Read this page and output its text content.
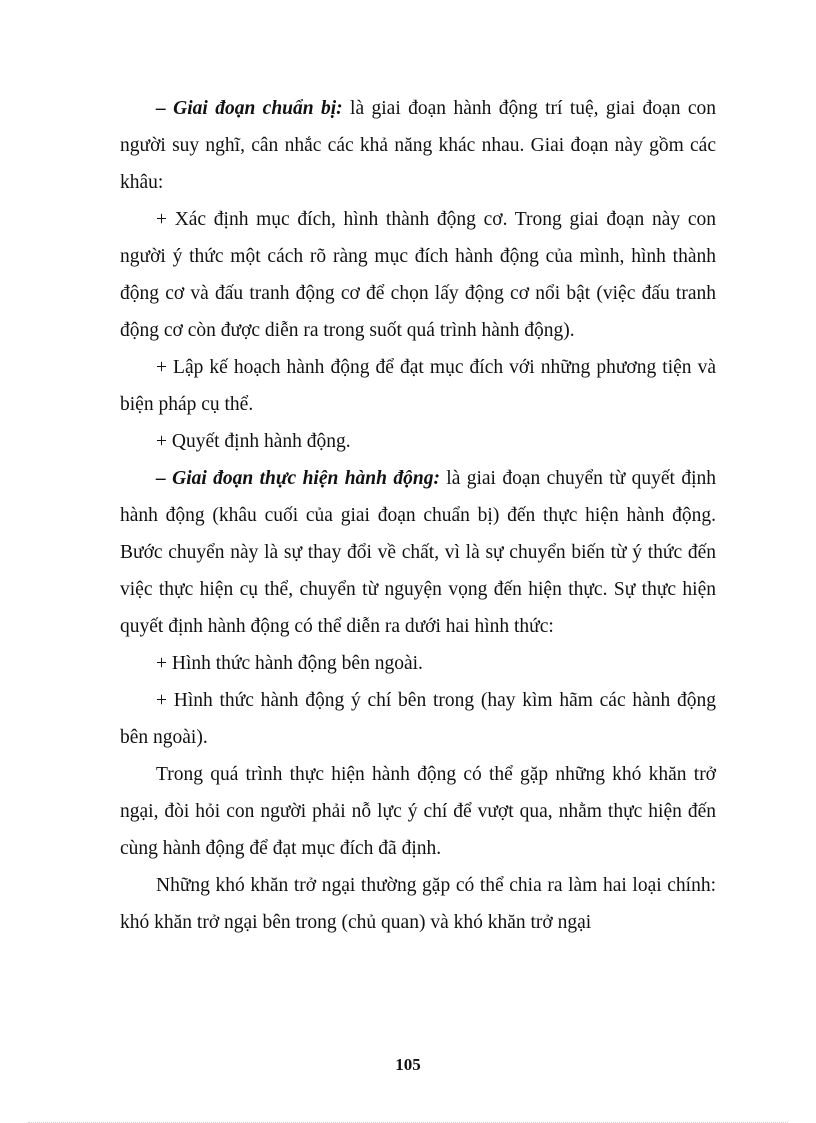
– Giai đoạn chuẩn bị: là giai đoạn hành động trí tuệ, giai đoạn con người suy nghĩ, cân nhắc các khả năng khác nhau. Giai đoạn này gồm các khâu:

+ Xác định mục đích, hình thành động cơ. Trong giai đoạn này con người ý thức một cách rõ ràng mục đích hành động của mình, hình thành động cơ và đấu tranh động cơ để chọn lấy động cơ nổi bật (việc đấu tranh động cơ còn được diễn ra trong suốt quá trình hành động).

+ Lập kế hoạch hành động để đạt mục đích với những phương tiện và biện pháp cụ thể.

+ Quyết định hành động.

– Giai đoạn thực hiện hành động: là giai đoạn chuyển từ quyết định hành động (khâu cuối của giai đoạn chuẩn bị) đến thực hiện hành động. Bước chuyển này là sự thay đổi về chất, vì là sự chuyển biến từ ý thức đến việc thực hiện cụ thể, chuyển từ nguyện vọng đến hiện thực. Sự thực hiện quyết định hành động có thể diễn ra dưới hai hình thức:

+ Hình thức hành động bên ngoài.

+ Hình thức hành động ý chí bên trong (hay kìm hãm các hành động bên ngoài).

Trong quá trình thực hiện hành động có thể gặp những khó khăn trở ngại, đòi hỏi con người phải nỗ lực ý chí để vượt qua, nhằm thực hiện đến cùng hành động để đạt mục đích đã định.

Những khó khăn trở ngại thường gặp có thể chia ra làm hai loại chính: khó khăn trở ngại bên trong (chủ quan) và khó khăn trở ngại

105
